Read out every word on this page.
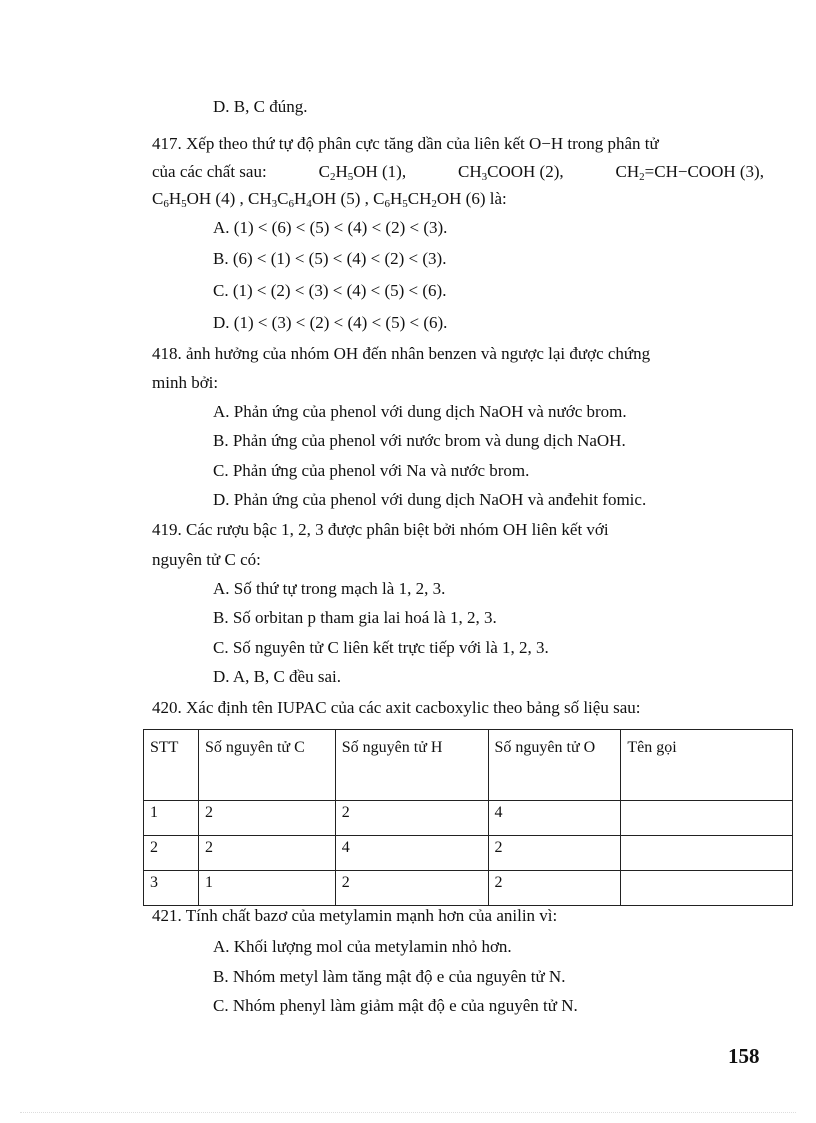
D. B, C đúng.
417. Xếp theo thứ tự độ phân cực tăng dần của liên kết O−H trong phân tử
của các chất sau:	$C_2H_5OH$ (1),	$CH_3COOH$ (2),	$CH_2=CH-COOH$ (3),
$C_6H_5OH$ (4) , $CH_3C_6H_4OH$ (5) , $C_6H_5CH_2OH$ (6) là:
A. (1) < (6) < (5) < (4) < (2) < (3).
B. (6) < (1) < (5) < (4) < (2) < (3).
C. (1) < (2) < (3) < (4) < (5) < (6).
D. (1) < (3) < (2) < (4) < (5) < (6).
418. ảnh hưởng của nhóm OH đến nhân benzen và ngược lại được chứng
minh bởi:
A. Phản ứng của phenol với dung dịch NaOH và nước brom.
B. Phản ứng của phenol với nước brom và dung dịch NaOH.
C. Phản ứng của phenol với Na và nước brom.
D. Phản ứng của phenol với dung dịch NaOH và anđehit fomic.
419. Các rượu bậc 1, 2, 3 được phân biệt bởi nhóm OH liên kết với
nguyên tử C có:
A. Số thứ tự trong mạch là 1, 2, 3.
B. Số orbitan p tham gia lai hoá là 1, 2, 3.
C. Số nguyên tử C liên kết trực tiếp với là 1, 2, 3.
D. A, B, C đều sai.
420. Xác định tên IUPAC của các axit cacboxylic theo bảng số liệu sau:
STT	Số nguyên tử C	Số nguyên tử H	Số nguyên tử O	Tên gọi
1	2	2	4	
2	2	4	2	
3	1	2	2	
421. Tính chất bazơ của metylamin mạnh hơn của anilin vì:
A. Khối lượng mol của metylamin nhỏ hơn.
B. Nhóm metyl làm tăng mật độ e của nguyên tử N.
C. Nhóm phenyl làm giảm mật độ e của nguyên tử N.
158
